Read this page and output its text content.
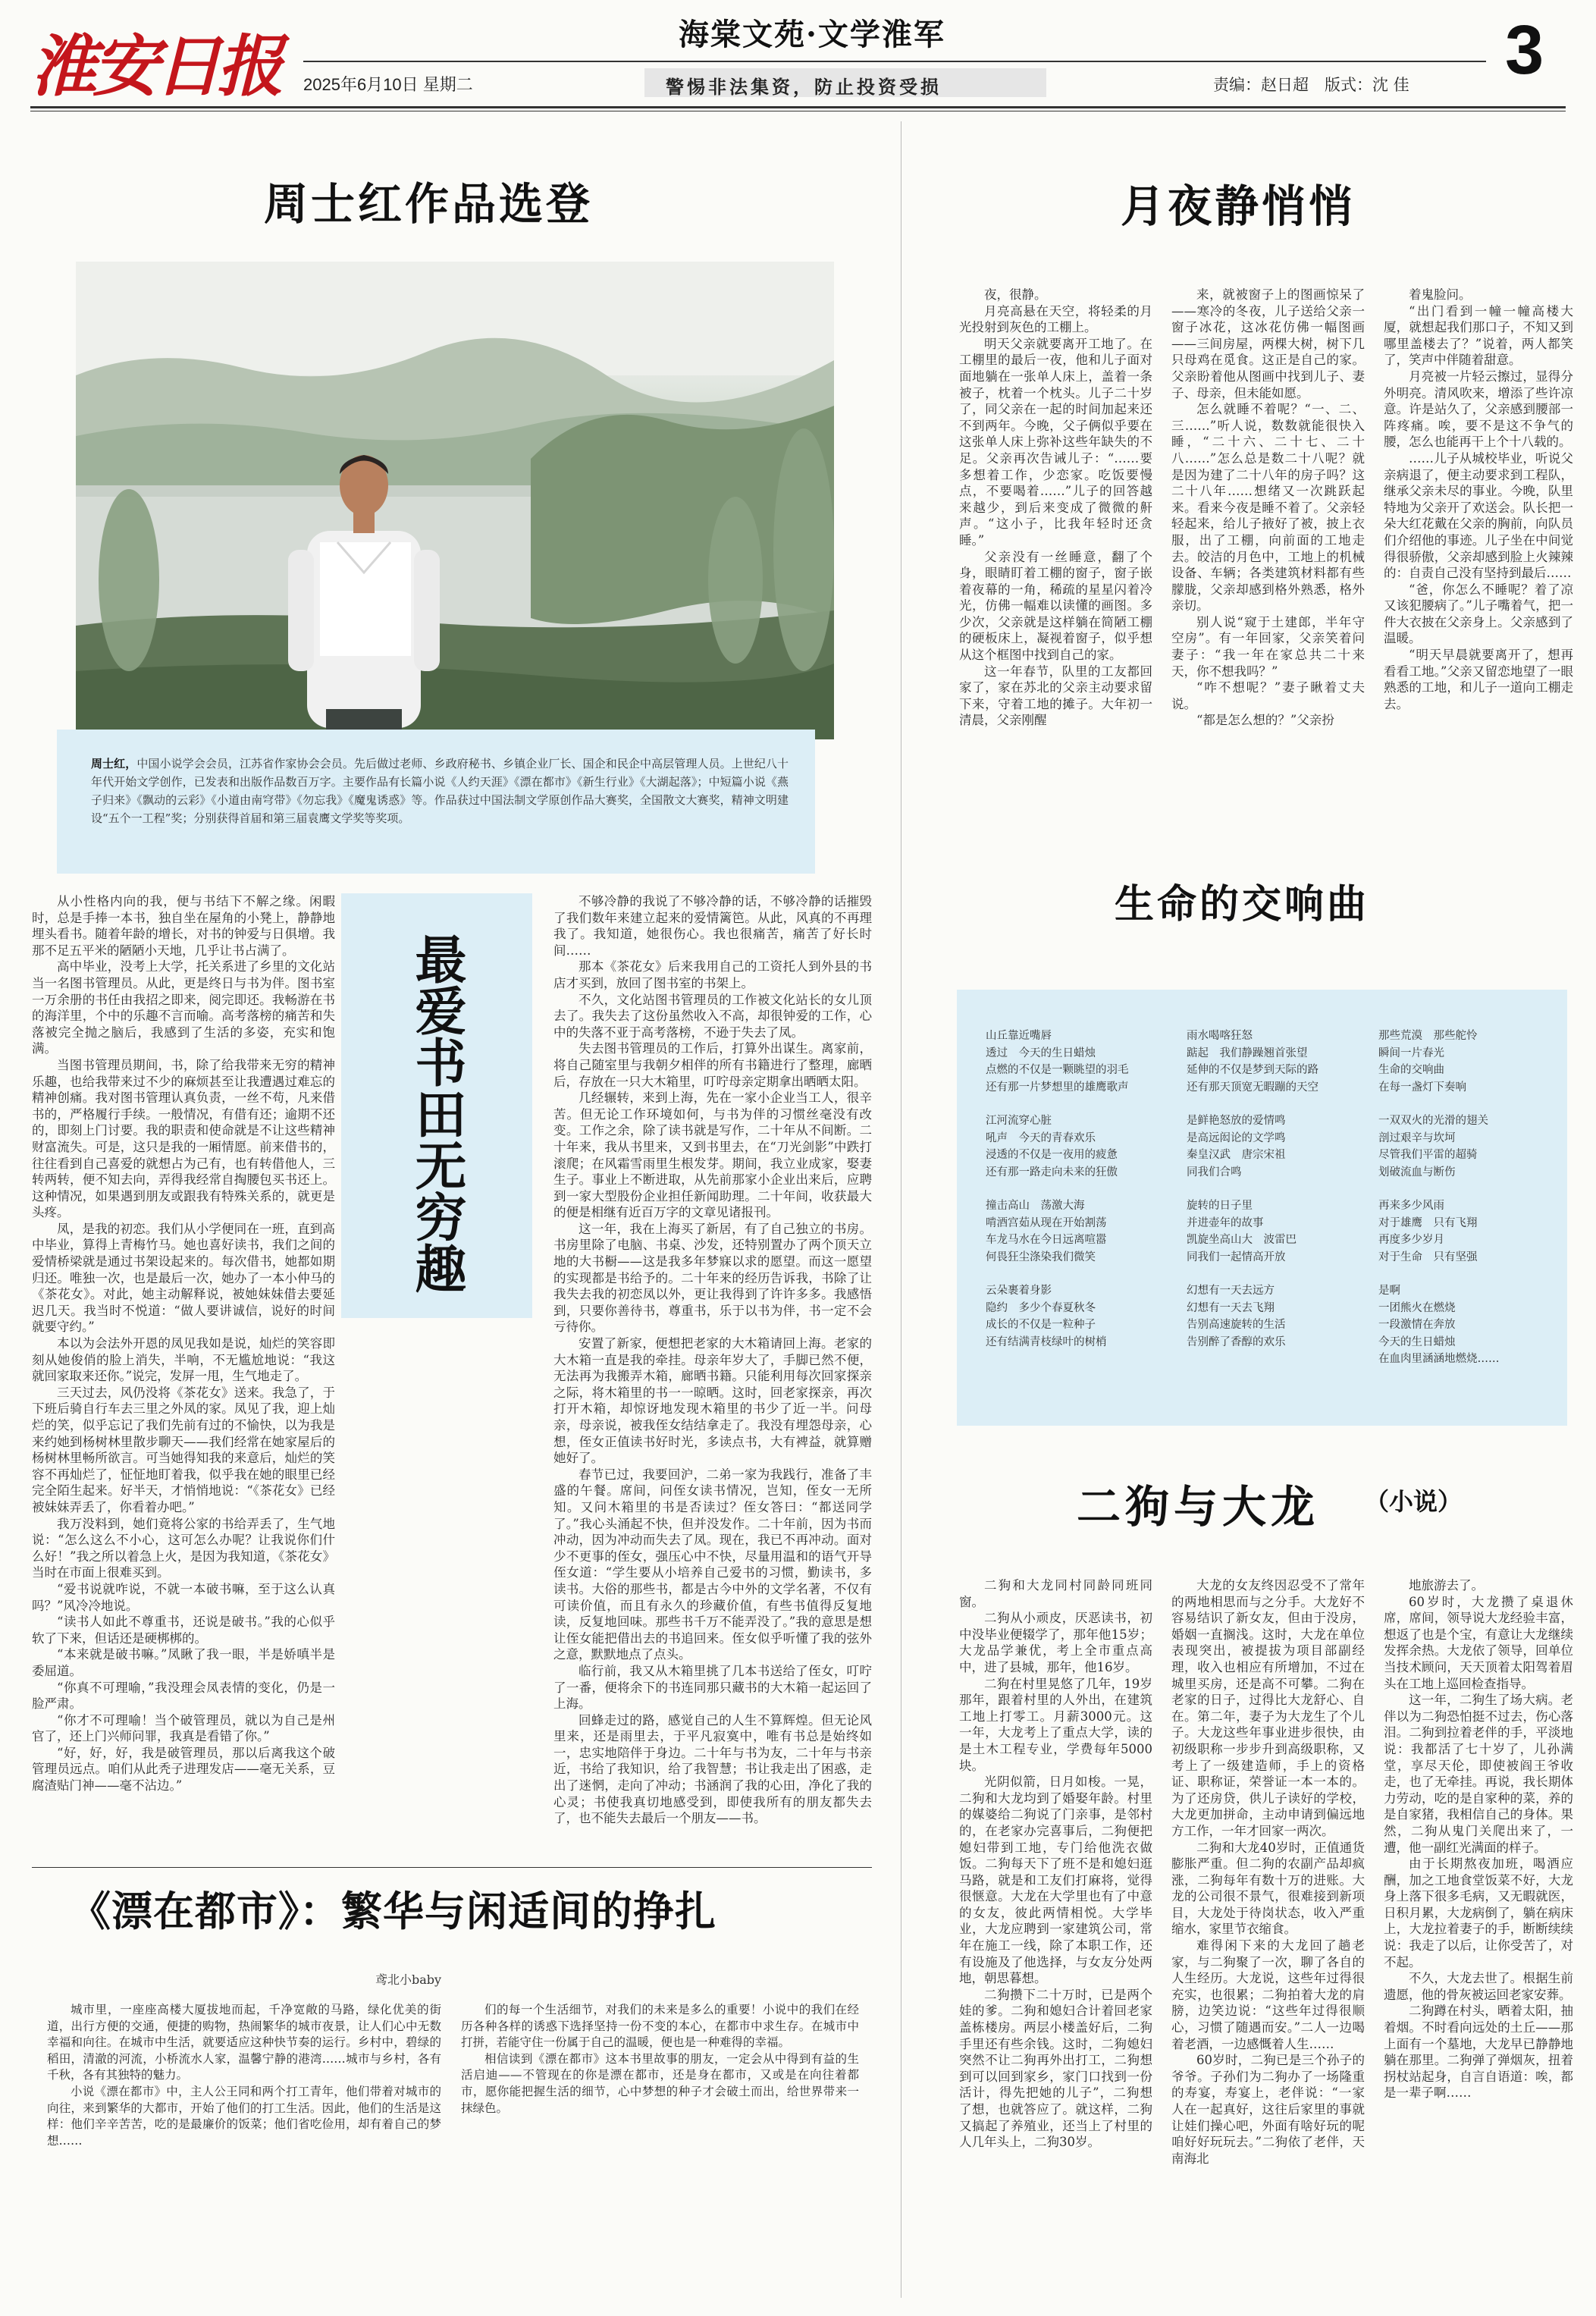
淮安日报 2025年6月10日 星期二
海棠文苑·文学淮军
警惕非法集资，防止投资受损	责编：赵日超　版式：沈 佳 3
周士红作品选登
周士红，中国小说学会会员，江苏省作家协会会员。先后做过老师、乡政府秘书、乡镇企业厂长、国企和民企中高层管理人员。上世纪八十年代开始文学创作，已发表和出版作品数百万字。主要作品有长篇小说《人约天涯》《漂在都市》《新生行业》《大湖起落》；中短篇小说《燕子归来》《飘动的云彩》《小道由南穹带》《勿忘我》《魔鬼诱惑》等。作品获过中国法制文学原创作品大赛奖，全国散文大赛奖，精神文明建设“五个一工程”奖；分别获得首届和第三届袁鹰文学奖等奖项。

从小性格内向的我，便与书结下不解之缘。闲暇时，总是手捧一本书，独自坐在屋角的小凳上，静静地埋头看书。随着年龄的增长，对书的钟爱与日俱增。我那不足五平米的陋陋小天地，几乎让书占满了。

高中毕业，没考上大学，托关系进了乡里的文化站当一名图书管理员。从此，更是终日与书为伴。图书室一万余册的书任由我招之即来，阅完即还。我畅游在书的海洋里，个中的乐趣不言而喻。高考落榜的痛苦和失落被完全抛之脑后，我感到了生活的多姿，充实和饱满。

当图书管理员期间，书，除了给我带来无穷的精神乐趣，也给我带来过不少的麻烦甚至让我遭遇过难忘的精神创痛。我对图书管理认真负责，一丝不苟，凡来借书的，严格履行手续。一般情况，有借有还；逾期不还的，即刻上门讨要。我的职责和使命就是不让这些精神财富流失。可是，这只是我的一厢情愿。前来借书的，往往看到自己喜爱的就想占为己有，也有转借他人，三转两转，便不知去向，弄得我经常自掏腰包买书还上。这种情况，如果遇到朋友或跟我有特殊关系的，就更是头疼。

凤，是我的初恋。我们从小学便同在一班，直到高中毕业，算得上青梅竹马。她也喜好读书，我们之间的爱情桥梁就是通过书架设起来的。每次借书，她都如期归还。唯独一次，也是最后一次，她办了一本小仲马的《茶花女》。对此，她主动解释说，被她妹妹借去要延迟几天。我当时不悦道：“做人要讲诚信，说好的时间就要守约。”

本以为会法外开恩的凤见我如是说，灿烂的笑容即刻从她俊俏的脸上消失，半响，不无尴尬地说：“我这就回家取来还你。”说完，发屏一甩，生气地走了。

三天过去，风仍没将《茶花女》送来。我急了，于下班后骑自行车去三里之外凤的家。凤见了我，迎上灿烂的笑，似乎忘记了我们先前有过的不愉快，以为我是来约她到杨树林里散步聊天——我们经常在她家屋后的杨树林里畅所欲言。可当她得知我的来意后，灿烂的笑容不再灿烂了，怔怔地盯着我，似乎我在她的眼里已经完全陌生起来。好半天，才悄悄地说：“《茶花女》已经被妹妹弄丢了，你看着办吧。”

我万没料到，她们竟将公家的书给弄丢了，生气地说：“怎么这么不小心，这可怎么办呢？让我说你们什么好！”我之所以着急上火，是因为我知道，《茶花女》当时在市面上很难买到。

“爱书说就咋说，不就一本破书嘛，至于这么认真吗？”风冷冷地说。

“读书人如此不尊重书，还说是破书。”我的心似乎软了下来，但话还是硬梆梆的。

“本来就是破书嘛。”凤瞅了我一眼，半是娇嗔半是委屈道。

“你真不可理喻，”我没理会凤表情的变化，仍是一脸严肃。

“你才不可理喻！当个破管理员，就以为自己是州官了，还上门兴师问罪，我真是看错了你。”

“好，好，好，我是破管理员，那以后离我这个破管理员远点。咱们从此秃子进理发店——毫无关系，豆腐渣贴门神——毫不沾边。”

最爱书田无穷趣

不够冷静的我说了不够冷静的话，不够冷静的话摧毁了我们数年来建立起来的爱情篱笆。从此，风真的不再理我了。我知道，她很伤心。我也很痛苦，痛苦了好长时间……

那本《茶花女》后来我用自己的工资托人到外县的书店才买到，放回了图书室的书架上。

不久，文化站图书管理员的工作被文化站长的女儿顶去了。我失去了这份虽然收入不高，却很钟爱的工作，心中的失落不亚于高考落榜，不逊于失去了凤。

失去图书管理员的工作后，打算外出谋生。离家前，将自己随室里与我朝夕相伴的所有书籍进行了整理，廊晒后，存放在一只大木箱里，叮咛母亲定期拿出晒晒太阳。

几经辗转，来到上海，先在一家小企业当工人，很辛苦。但无论工作环境如何，与书为伴的习惯丝毫没有改变。工作之余，除了读书就是写作，二十年从不间断。二十年来，我从书里来，又到书里去，在“刀光剑影”中跌打滚爬；在风霜雪雨里生根发芽。期间，我立业成家，娶妻生子。事业上不断进取，从先前那家小企业出来后，应聘到一家大型股份企业担任新闻助理。二十年间，收获最大的便是相继有近百万字的文章见诸报刊。

这一年，我在上海买了新居，有了自己独立的书房。书房里除了电脑、书桌、沙发，还特别置办了两个顶天立地的大书橱——这是我多年梦寐以求的愿望。而这一愿望的实现都是书给予的。二十年来的经历告诉我，书除了让我失去我的初恋凤以外，更让我得到了许许多多。我感悟到，只要你善待书，尊重书，乐于以书为伴，书一定不会亏待你。

安置了新家，便想把老家的大木箱请回上海。老家的大木箱一直是我的牵挂。母亲年岁大了，手脚已然不便，无法再为我搬弄木箱，廊晒书籍。只能利用每次回家探亲之际，将木箱里的书一一晾晒。这时，回老家探亲，再次打开木箱，却惊讶地发现木箱里的书少了近一半。问母亲，母亲说，被我侄女结结拿走了。我没有埋怨母亲，心想，侄女正值读书好时光，多读点书，大有裨益，就算赠她好了。

春节已过，我要回沪，二弟一家为我践行，准备了丰盛的午餐。席间，问侄女读书情况，岂知，侄女一无所知。又问木箱里的书是否读过？侄女答曰：“都送同学了。”我心头涌起不快，但并没发作。二十年前，因为书而冲动，因为冲动而失去了凤。现在，我已不再冲动。面对少不更事的侄女，强压心中不快，尽量用温和的语气开导侄女道：“学生要从小培养自己爱书的习惯，勤读书，多读书。大俗的那些书，都是古今中外的文学名著，不仅有可读价值，而且有永久的珍藏价值，有些书值得反复地读，反复地回味。那些书千万不能弄没了。”我的意思是想让侄女能把借出去的书追回来。侄女似乎听懂了我的弦外之意，默默地点了点头。

临行前，我又从木箱里挑了几本书送给了侄女，叮咛了一番，便将余下的书连同那只藏书的大木箱一起运回了上海。

回蜂走过的路，感觉自己的人生不算辉煌。但无论风里来，还是雨里去，于平凡寂寞中，唯有书总是始终如一，忠实地陪伴于身边。二十年与书为友，二十年与书亲近，书给了我知识，给了我智慧；书让我走出了困惑，走出了迷惘，走向了冲动；书涵润了我的心田，净化了我的心灵；书使我真切地感受到，即使我所有的朋友都失去了，也不能失去最后一个朋友——书。

《漂在都市》：繁华与闲适间的挣扎
鸢北小baby

城市里，一座座高楼大厦拔地而起，千净宽敞的马路，绿化优美的街道，出行方便的交通，便捷的购物，热闹繁华的城市夜景，让人们心中无数幸福和向往。在城市中生活，就要适应这种快节奏的运行。乡村中，碧绿的稻田，清澈的河流，小桥流水人家，温馨宁静的港湾……城市与乡村，各有千秋，各有其独特的魅力。

小说《漂在都市》中，主人公王同和两个打工青年，他们带着对城市的向往，来到繁华的大都市，开始了他们的打工生活。因此，他们的生活是这样：他们辛辛苦苦，吃的是最廉价的饭菜；他们省吃俭用，却有着自己的梦想……

们的每一个生活细节，对我们的未来是多么的重要！小说中的我们在经历各种各样的诱惑下选择坚持一份不变的本心，在都市中求生存。在城市中打拼，若能守住一份属于自己的温暖，便也是一种难得的幸福。

相信读到《漂在都市》这本书里故事的朋友，一定会从中得到有益的生活启迪——不管现在的你是漂在都市，还是身在都市，又或是在向往着都市，愿你能把握生活的细节，心中梦想的种子才会破土而出，给世界带来一抹绿色。

月夜静悄悄

夜，很静。

月亮高悬在天空，将轻柔的月光投射到灰色的工棚上。

明天父亲就要离开工地了。在工棚里的最后一夜，他和儿子面对面地躺在一张单人床上，盖着一条被子，枕着一个枕头。儿子二十岁了，同父亲在一起的时间加起来还不到两年。今晚，父子俩似乎要在这张单人床上弥补这些年缺失的不足。父亲再次告诫儿子：“……要多想着工作，少恋家。吃饭要慢点，不要喝着……”儿子的回答越来越少，到后来变成了微微的鼾声。“这小子，比我年轻时还贪睡。”

父亲没有一丝睡意，翻了个身，眼睛盯着工棚的窗子，窗子嵌着夜幕的一角，稀疏的星星闪着冷光，仿佛一幅难以读懂的画图。多少次，父亲就是这样躺在简陋工棚的硬板床上，凝视着窗子，似乎想从这个框图中找到自己的家。

这一年春节，队里的工友都回家了，家在苏北的父亲主动要求留下来，守着工地的摊子。大年初一清晨，父亲刚醒

来，就被窗子上的图画惊呆了——寒冷的冬夜，儿子送给父亲一窗子冰花，这冰花仿佛一幅图画——三间房屋，两棵大树，树下几只母鸡在觅食。这正是自己的家。父亲盼着他从图画中找到儿子、妻子、母亲，但未能如愿。

怎么就睡不着呢？“一、二、三……”听人说，数数就能很快入睡，“二十六、二十七、二十八……”怎么总是数二十八呢？就是因为建了二十八年的房子吗？这二十八年……想绪又一次跳跃起来。看来今夜是睡不着了。父亲轻轻起来，给儿子掖好了被，披上衣服，出了工棚，向前面的工地走去。皎洁的月色中，工地上的机械设备、车辆；各类建筑材料都有些朦胧，父亲却感到格外熟悉，格外亲切。

别人说“窥于土建郎，半年守空房”。有一年回家，父亲笑着问妻子：“我一年在家总共二十来天，你不想我吗？”

“咋不想呢？”妻子瞅着丈夫说。

“都是怎么想的？”父亲扮

着鬼脸问。

“出门看到一幢一幢高楼大厦，就想起我们那口子，不知又到哪里盖楼去了？”说着，两人都笑了，笑声中伴随着甜意。

月亮被一片轻云擦过，显得分外明亮。清风吹来，增添了些许凉意。许是站久了，父亲感到腰部一阵疼痛。唉，要不是这不争气的腰，怎么也能再干上个十八载的。

……儿子从城校毕业，听说父亲病退了，便主动要求到工程队，继承父亲未尽的事业。今晚，队里特地为父亲开了欢送会。队长把一朵大红花戴在父亲的胸前，向队员们介绍他的事迹。儿子坐在中间觉得很骄傲，父亲却感到脸上火辣辣的：自责自己没有坚持到最后……

“爸，你怎么不睡呢？着了凉又该犯腰病了。”儿子嘴着气，把一件大衣披在父亲身上。父亲感到了温暖。

“明天早晨就要离开了，想再看看工地。”父亲又留恋地望了一眼熟悉的工地，和儿子一道向工棚走去。

生命的交响曲
山丘靠近嘴唇
透过　今天的生日蜡烛
点燃的不仅是一颗眺望的羽毛
还有那一片梦想里的雄鹰歌声
江河流穿心脏
吼声　今天的青春欢乐
浸透的不仅是一夜用的疲惫
还有那一路走向未来的狂傲
撞击高山　荡激大海
啃酒宫茹从现在开始割荡
车龙马水在今日远离喧嚣
何畏狂尘涤染我们微笑
云朵裹着身影
隐约　多少个春夏秋冬
成长的不仅是一粒种子
还有结满青枝绿叶的树梢
雨水喝喀狂怒
踮起　我们静躁翘首张望
延伸的不仅是梦到天际的路
还有那天顶宽无暇蹦的天空
是鲜艳怒放的爱情鸣
是高远闳论的文学鸣
秦皇汉武　唐宗宋祖
同我们合鸣
旋转的日子里
并进壶年的故事
凯旋坐高山大　波雷巴
同我们一起情高开放
幻想有一天去远方
幻想有一天去飞翔
告别高速旋转的生活
告别醉了香醇的欢乐
那些荒漠　那些舵怜
瞬间一片春光
生命的交响曲
在每一盏灯下奏响
一双双火的光滑的翅关
剖过艰辛与坎坷
尽管我们平雷的超骑
划破流血与断伤
再来多少风雨
对于雄鹰　只有飞翔
再度多少岁月
对于生命　只有坚强
是啊
一团熊火在燃烧
一段激情在奔放
今天的生日蜡烛
在血肉里涵涵地燃烧……
二狗与大龙 （小说）

二狗和大龙同村同龄同班同窗。

二狗从小顽皮，厌恶读书，初中没毕业便辍学了，那年他15岁；大龙品学兼优，考上全市重点高中，进了县城，那年，他16岁。

二狗在村里晃悠了几年，19岁那年，跟着村里的人外出，在建筑工地上打零工。月薪3000元。这一年，大龙考上了重点大学，读的是土木工程专业，学费每年5000块。

光阴似箭，日月如梭。一晃，二狗和大龙均到了婚娶年龄。村里的媒婆给二狗说了门亲事，是邻村的，在老家办完喜事后，二狗便把媳妇带到工地，专门给他洗衣做饭。二狗每天下了班不是和媳妇逛马路，就是和工友们打麻将，觉得很惬意。大龙在大学里也有了中意的女友，彼此两情相悦。大学毕业，大龙应聘到一家建筑公司，常年在施工一线，除了本职工作，还有设施及了他选择，与女友分处两地，朝思暮想。

二狗攒下二十万时，已是两个娃的爹。二狗和媳妇合计着回老家盖栋楼房。两层小楼盖好后，二狗手里还有些余钱。这时，二狗媳妇突然不让二狗再外出打工，二狗想到可以回到家乡，家门口找到一份活计，得先把她的儿子”，二狗想了想，也就答应了。就这样，二狗又搞起了养殖业，还当上了村里的人几年头上，二狗30岁。

大龙的女友终因忍受不了常年的两地相思而与之分手。大龙好不容易结识了新女友，但由于没房，婚姻一直搁浅。这时，大龙在单位表现突出，被提拔为项目部副经理，收入也相应有所增加，不过在城里买房，还是高不可攀。二狗在老家的日子，过得比大龙舒心、自在。第二年，妻子为大龙生了个儿子。大龙这些年事业进步很快，由初级职称一步步升到高级职称，又考上了一级建造师，手上的资格证、职称证，荣誉证一本一本的。为了还房贷，供儿子读好的学校，大龙更加拼命，主动申请到偏远地方工作，一年才回家一两次。

二狗和大龙40岁时，正值通货膨胀严重。但二狗的农副产品却疯涨，二狗每年有数十万的进账。大龙的公司很不景气，很难接到新项目，大龙处于待岗状态，收入严重缩水，家里节衣缩食。

难得闲下来的大龙回了趟老家，与二狗聚了一次，聊了各自的人生经历。大龙说，这些年过得很充实，也很累；二狗拍着大龙的肩膀，边笑边说：“这些年过得很顺心，习惯了随遇而安。”二人一边喝着老酒，一边感慨着人生……

60岁时，二狗已是三个孙子的爷爷。子孙们为二狗办了一场隆重的寿宴，寿宴上，老伴说：“一家人在一起真好，这往后家里的事就让娃们操心吧，外面有啥好玩的呢咱好好玩玩去。”二狗依了老伴，天南海北

地旅游去了。

60岁时，大龙攒了桌退休席，席间，领导说大龙经验丰富，想返了也是个宝，有意让大龙继续发挥余热。大龙依了领导，回单位当技术顾问，天天顶着太阳驾着眉头在工地上巡回检查指导。

这一年，二狗生了场大病。老伴以为二狗恐怕挺不过去，伤心落泪。二狗到拉着老伴的手，平淡地说：我都活了七十岁了，儿孙满堂，享尽天伦，即使被阎王爷收走，也了无牵挂。再说，我长期体力劳动，吃的是自家种的菜，养的是自家猪，我相信自己的身体。果然，二狗从鬼门关爬出来了，一遭，他一副红光满面的样子。

由于长期熬夜加班，喝酒应酬，加之工地食堂饭菜不好，大龙身上落下很多毛病，又无暇就医，日积月累，大龙病倒了，躺在病床上，大龙拉着妻子的手，断断续续说：我走了以后，让你受苦了，对不起。

不久，大龙去世了。根据生前遗愿，他的骨灰被运回老家安葬。

二狗蹲在村头，晒着太阳，抽着烟。不时看向远处的土丘——那上面有一个墓地，大龙早已静静地躺在那里。二狗弹了弹烟灰，扭着拐杖站起身，自言自语道：唉，都是一辈子啊……
